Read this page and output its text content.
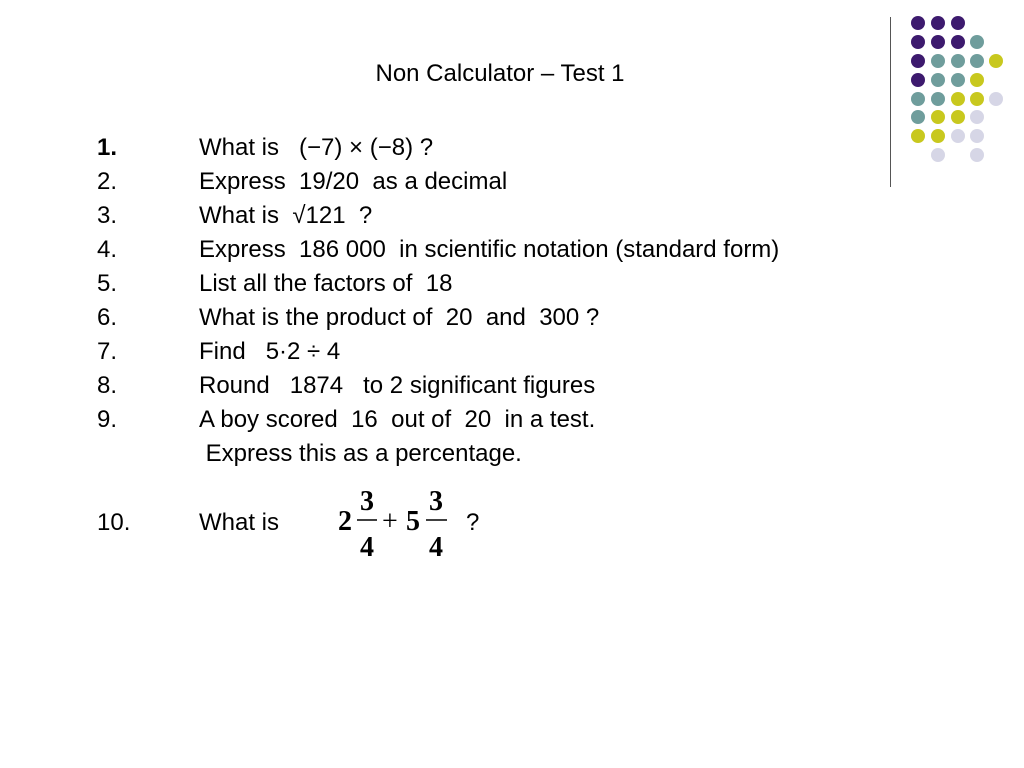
Non Calculator – Test 1
1.	What is   (−7) × (−8) ?
2.	Express  19/20  as a decimal
3.	What is  √121  ?
4.	Express  186 000  in scientific notation (standard form)
5.	List all the factors of  18
6.	What is the product of  20  and  300 ?
7.	Find   5·2 ÷ 4
8.	Round   1874   to 2 significant figures
9.	A boy scored  16  out of  20  in a test.
Express this as a percentage.
10.	What is	?
2
3
4
+ 5
3
4
